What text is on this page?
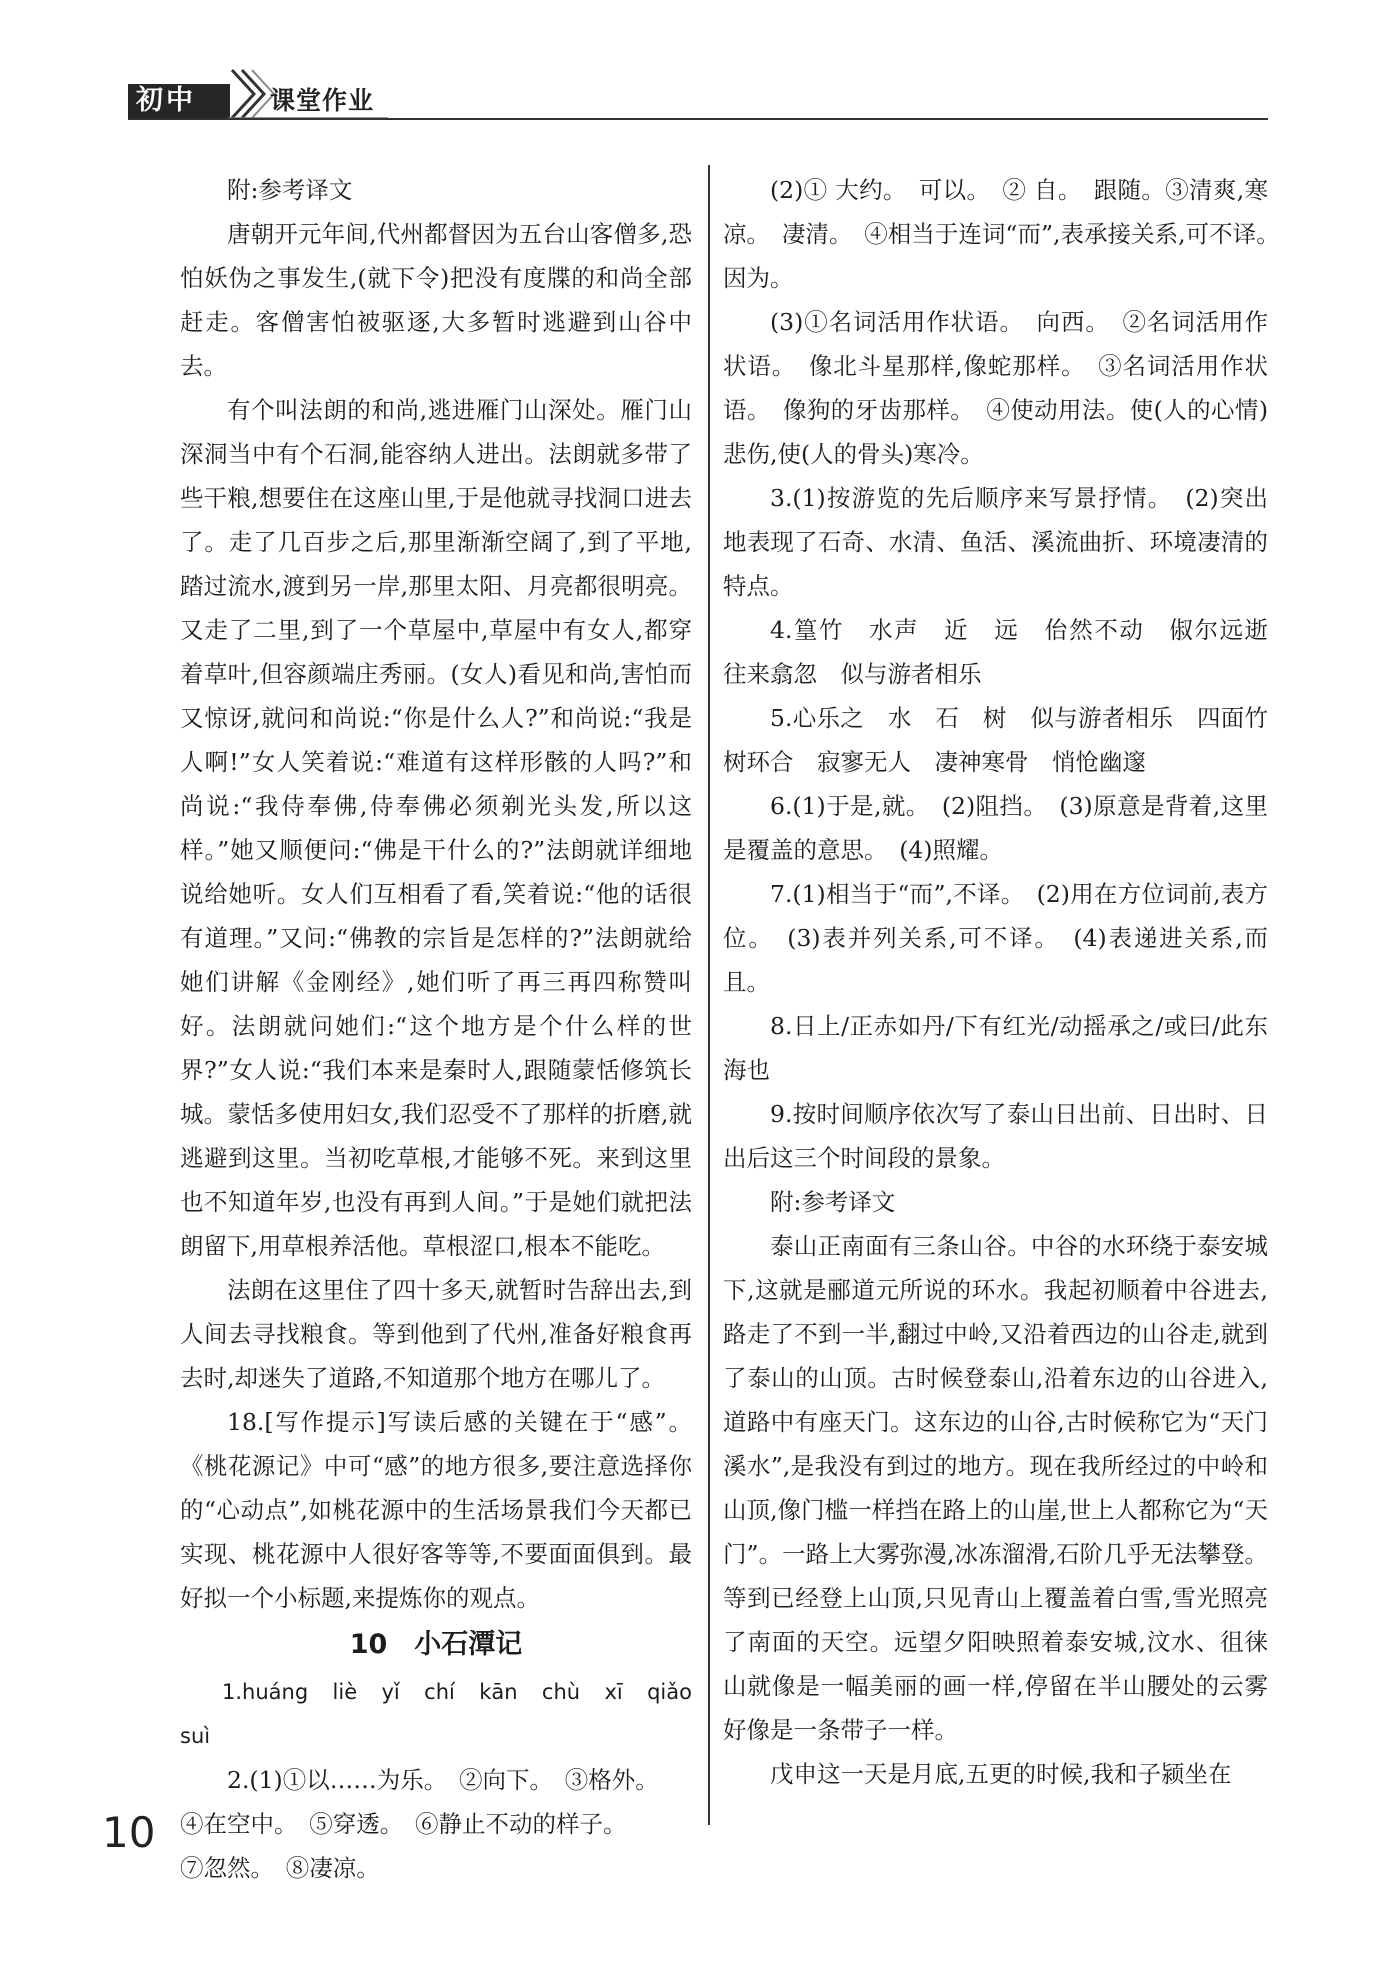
初中	课堂作业

附:参考译文

唐朝开元年间,代州都督因为五台山客僧多,恐怕妖伪之事发生,(就下令)把没有度牒的和尚全部赶走。客僧害怕被驱逐,大多暂时逃避到山谷中去。

有个叫法朗的和尚,逃进雁门山深处。雁门山深洞当中有个石洞,能容纳人进出。法朗就多带了些干粮,想要住在这座山里,于是他就寻找洞口进去了。走了几百步之后,那里渐渐空阔了,到了平地,踏过流水,渡到另一岸,那里太阳、月亮都很明亮。又走了二里,到了一个草屋中,草屋中有女人,都穿着草叶,但容颜端庄秀丽。(女人)看见和尚,害怕而又惊讶,就问和尚说:“你是什么人?”和尚说:“我是人啊!”女人笑着说:“难道有这样形骸的人吗?”和尚说:“我侍奉佛,侍奉佛必须剃光头发,所以这样。”她又顺便问:“佛是干什么的?”法朗就详细地说给她听。女人们互相看了看,笑着说:“他的话很有道理。”又问:“佛教的宗旨是怎样的?”法朗就给她们讲解《金刚经》,她们听了再三再四称赞叫好。法朗就问她们:“这个地方是个什么样的世界?”女人说:“我们本来是秦时人,跟随蒙恬修筑长城。蒙恬多使用妇女,我们忍受不了那样的折磨,就逃避到这里。当初吃草根,才能够不死。来到这里也不知道年岁,也没有再到人间。”于是她们就把法朗留下,用草根养活他。草根涩口,根本不能吃。

法朗在这里住了四十多天,就暂时告辞出去,到人间去寻找粮食。等到他到了代州,准备好粮食再去时,却迷失了道路,不知道那个地方在哪儿了。

18.[写作提示]写读后感的关键在于“感”。《桃花源记》中可“感”的地方很多,要注意选择你的“心动点”,如桃花源中的生活场景我们今天都已实现、桃花源中人很好客等等,不要面面俱到。最好拟一个小标题,来提炼你的观点。

10　小石潭记

1.huáng liè yǐ chí kān chù xī qiǎo

suì

2.(1)①以……为乐。　②向下。　③格外。

④在空中。　⑤穿透。　⑥静止不动的样子。

⑦忽然。　⑧凄凉。

(2)① 大约。　可以。　② 自。　跟随。③清爽,寒凉。　凄清。　④相当于连词“而”,表承接关系,可不译。　因为。

(3)①名词活用作状语。　向西。　②名词活用作状语。　像北斗星那样,像蛇那样。　③名词活用作状语。　像狗的牙齿那样。　④使动用法。使(人的心情)悲伤,使(人的骨头)寒冷。

3.(1)按游览的先后顺序来写景抒情。　(2)突出地表现了石奇、水清、鱼活、溪流曲折、环境凄清的特点。

4.篁竹　水声　近　远　佁然不动　俶尔远逝　往来翕忽　似与游者相乐

5.心乐之　水　石　树　似与游者相乐　四面竹树环合　寂寥无人　凄神寒骨　悄怆幽邃

6.(1)于是,就。　(2)阻挡。　(3)原意是背着,这里是覆盖的意思。　(4)照耀。

7.(1)相当于“而”,不译。　(2)用在方位词前,表方位。　(3)表并列关系,可不译。　(4)表递进关系,而且。

8.日上/正赤如丹/下有红光/动摇承之/或曰/此东海也

9.按时间顺序依次写了泰山日出前、日出时、日出后这三个时间段的景象。

附:参考译文

泰山正南面有三条山谷。中谷的水环绕于泰安城下,这就是郦道元所说的环水。我起初顺着中谷进去,路走了不到一半,翻过中岭,又沿着西边的山谷走,就到了泰山的山顶。古时候登泰山,沿着东边的山谷进入,道路中有座天门。这东边的山谷,古时候称它为“天门溪水”,是我没有到过的地方。现在我所经过的中岭和山顶,像门槛一样挡在路上的山崖,世上人都称它为“天门”。一路上大雾弥漫,冰冻溜滑,石阶几乎无法攀登。等到已经登上山顶,只见青山上覆盖着白雪,雪光照亮了南面的天空。远望夕阳映照着泰安城,汶水、徂徕山就像是一幅美丽的画一样,停留在半山腰处的云雾好像是一条带子一样。

戊申这一天是月底,五更的时候,我和子颍坐在

10
